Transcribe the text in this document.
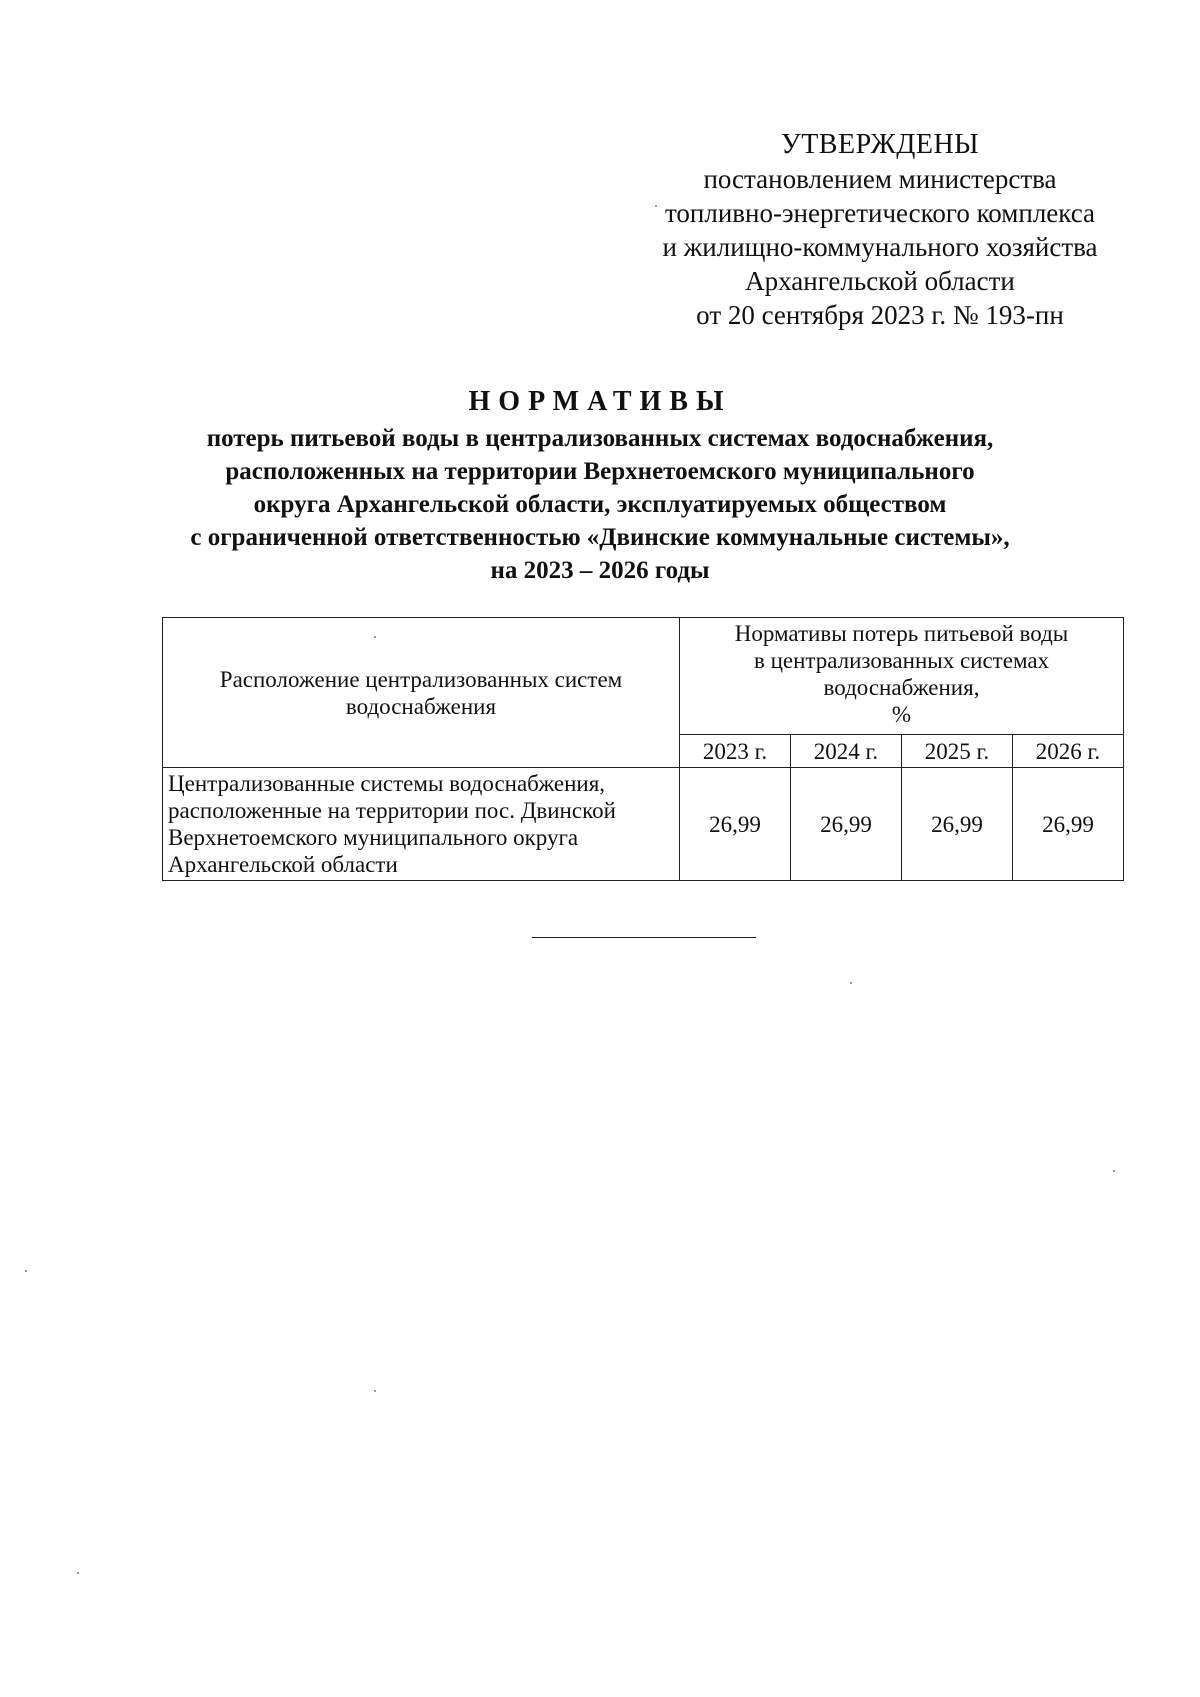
УТВЕРЖДЕНЫ
постановлением министерства
топливно-энергетического комплекса
и жилищно-коммунального хозяйства
Архангельской области
от 20 сентября 2023 г. № 193-пн
НОРМАТИВЫ
потерь питьевой воды в централизованных системах водоснабжения,
расположенных на территории Верхнетоемского муниципального
округа Архангельской области, эксплуатируемых обществом
с ограниченной ответственностью «Двинские коммунальные системы»,
на 2023 – 2026 годы
Расположение централизованных систем водоснабжения	Нормативы потерь питьевой воды
в централизованных системах
водоснабжения,
%			

	2023 г.	2024 г.	2025 г.	2026 г.

Централизованные системы водоснабжения,
расположенные на территории пос. Двинской
Верхнетоемского муниципального округа
Архангельской области	26,99	26,99	26,99	26,99
